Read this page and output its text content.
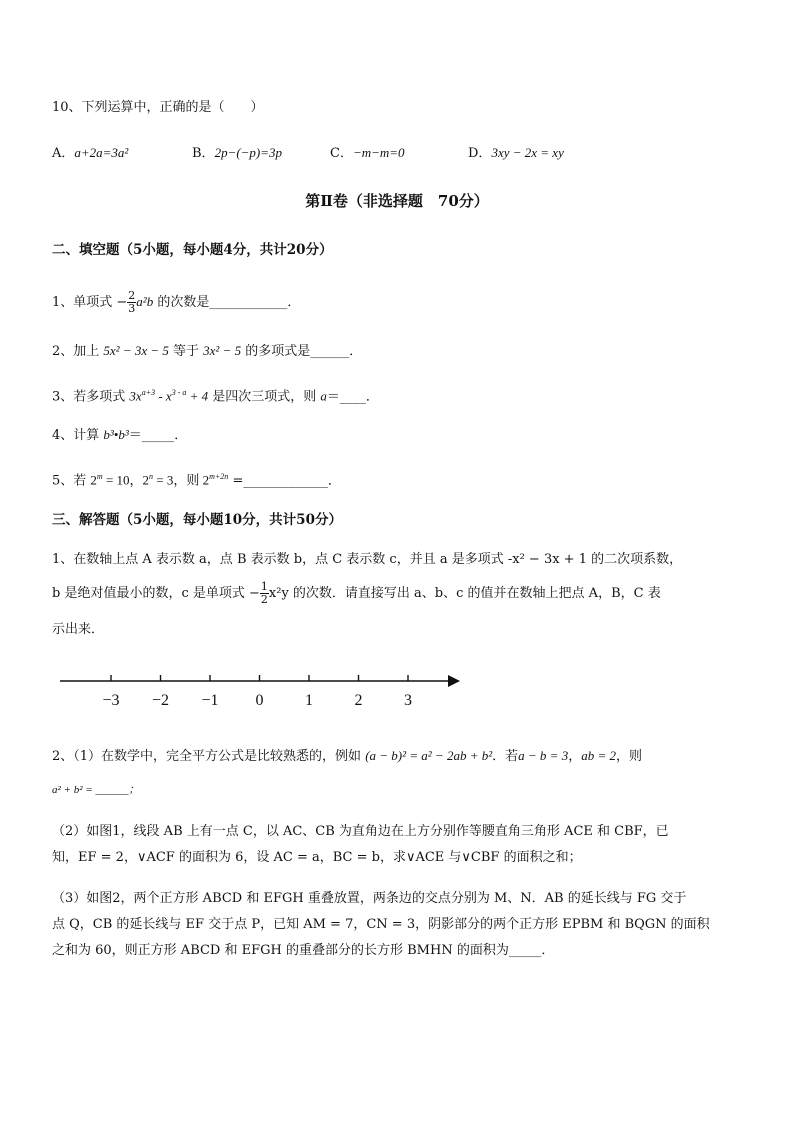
10、下列运算中，正确的是（　　）
A．a+2a=3a²	B．2p−(−p)=3p	C．−m−m=0	D．3xy − 2x = xy
第Ⅱ卷（非选择题　70分）
二、填空题（5小题，每小题4分，共计20分）
1、单项式 − $\frac{2}{3} a^2b$ 的次数是____________．
2、加上 5x² − 3x − 5 等于 3x² − 5 的多项式是______．
3、若多项式 $3x^{a+3} - x^{3 - a} + 4$ 是四次三项式，则 a＝____．
4、计算 b³•b³＝_____．
5、若 $2^m = 10$，$2^n = 3$，则 $2^{m+2n}$ =_____________．
三、解答题（5小题，每小题10分，共计50分）
1、在数轴上点 A 表示数 a，点 B 表示数 b，点 C 表示数 c，并且 a 是多项式 -x² − 3x + 1 的二次项系数，
b 是绝对值最小的数，c 是单项式 − $\frac{1}{2} x^2y$ 的次数．请直接写出 a、b、c 的值并在数轴上把点 A，B，C 表
示出来．
−3 −2 −1 0	1	2	3
2、（1）在数学中，完全平方公式是比较熟悉的，例如 (a − b)² = a² − 2ab + b²．若a − b = 3，ab = 2，则
a² + b² = ______；
（2）如图1，线段 AB 上有一点 C，以 AC、CB 为直角边在上方分别作等腰直角三角形 ACE 和 CBF，已
知，EF = 2，∨ACF 的面积为 6，设 AC = a，BC = b，求∨ACE 与∨CBF 的面积之和；
（3）如图2，两个正方形 ABCD 和 EFGH 重叠放置，两条边的交点分别为 M、N．AB 的延长线与 FG 交于
点 Q，CB 的延长线与 EF 交于点 P，已知 AM = 7，CN = 3，阴影部分的两个正方形 EPBM 和 BQGN 的面积
之和为 60，则正方形 ABCD 和 EFGH 的重叠部分的长方形 BMHN 的面积为_____．
